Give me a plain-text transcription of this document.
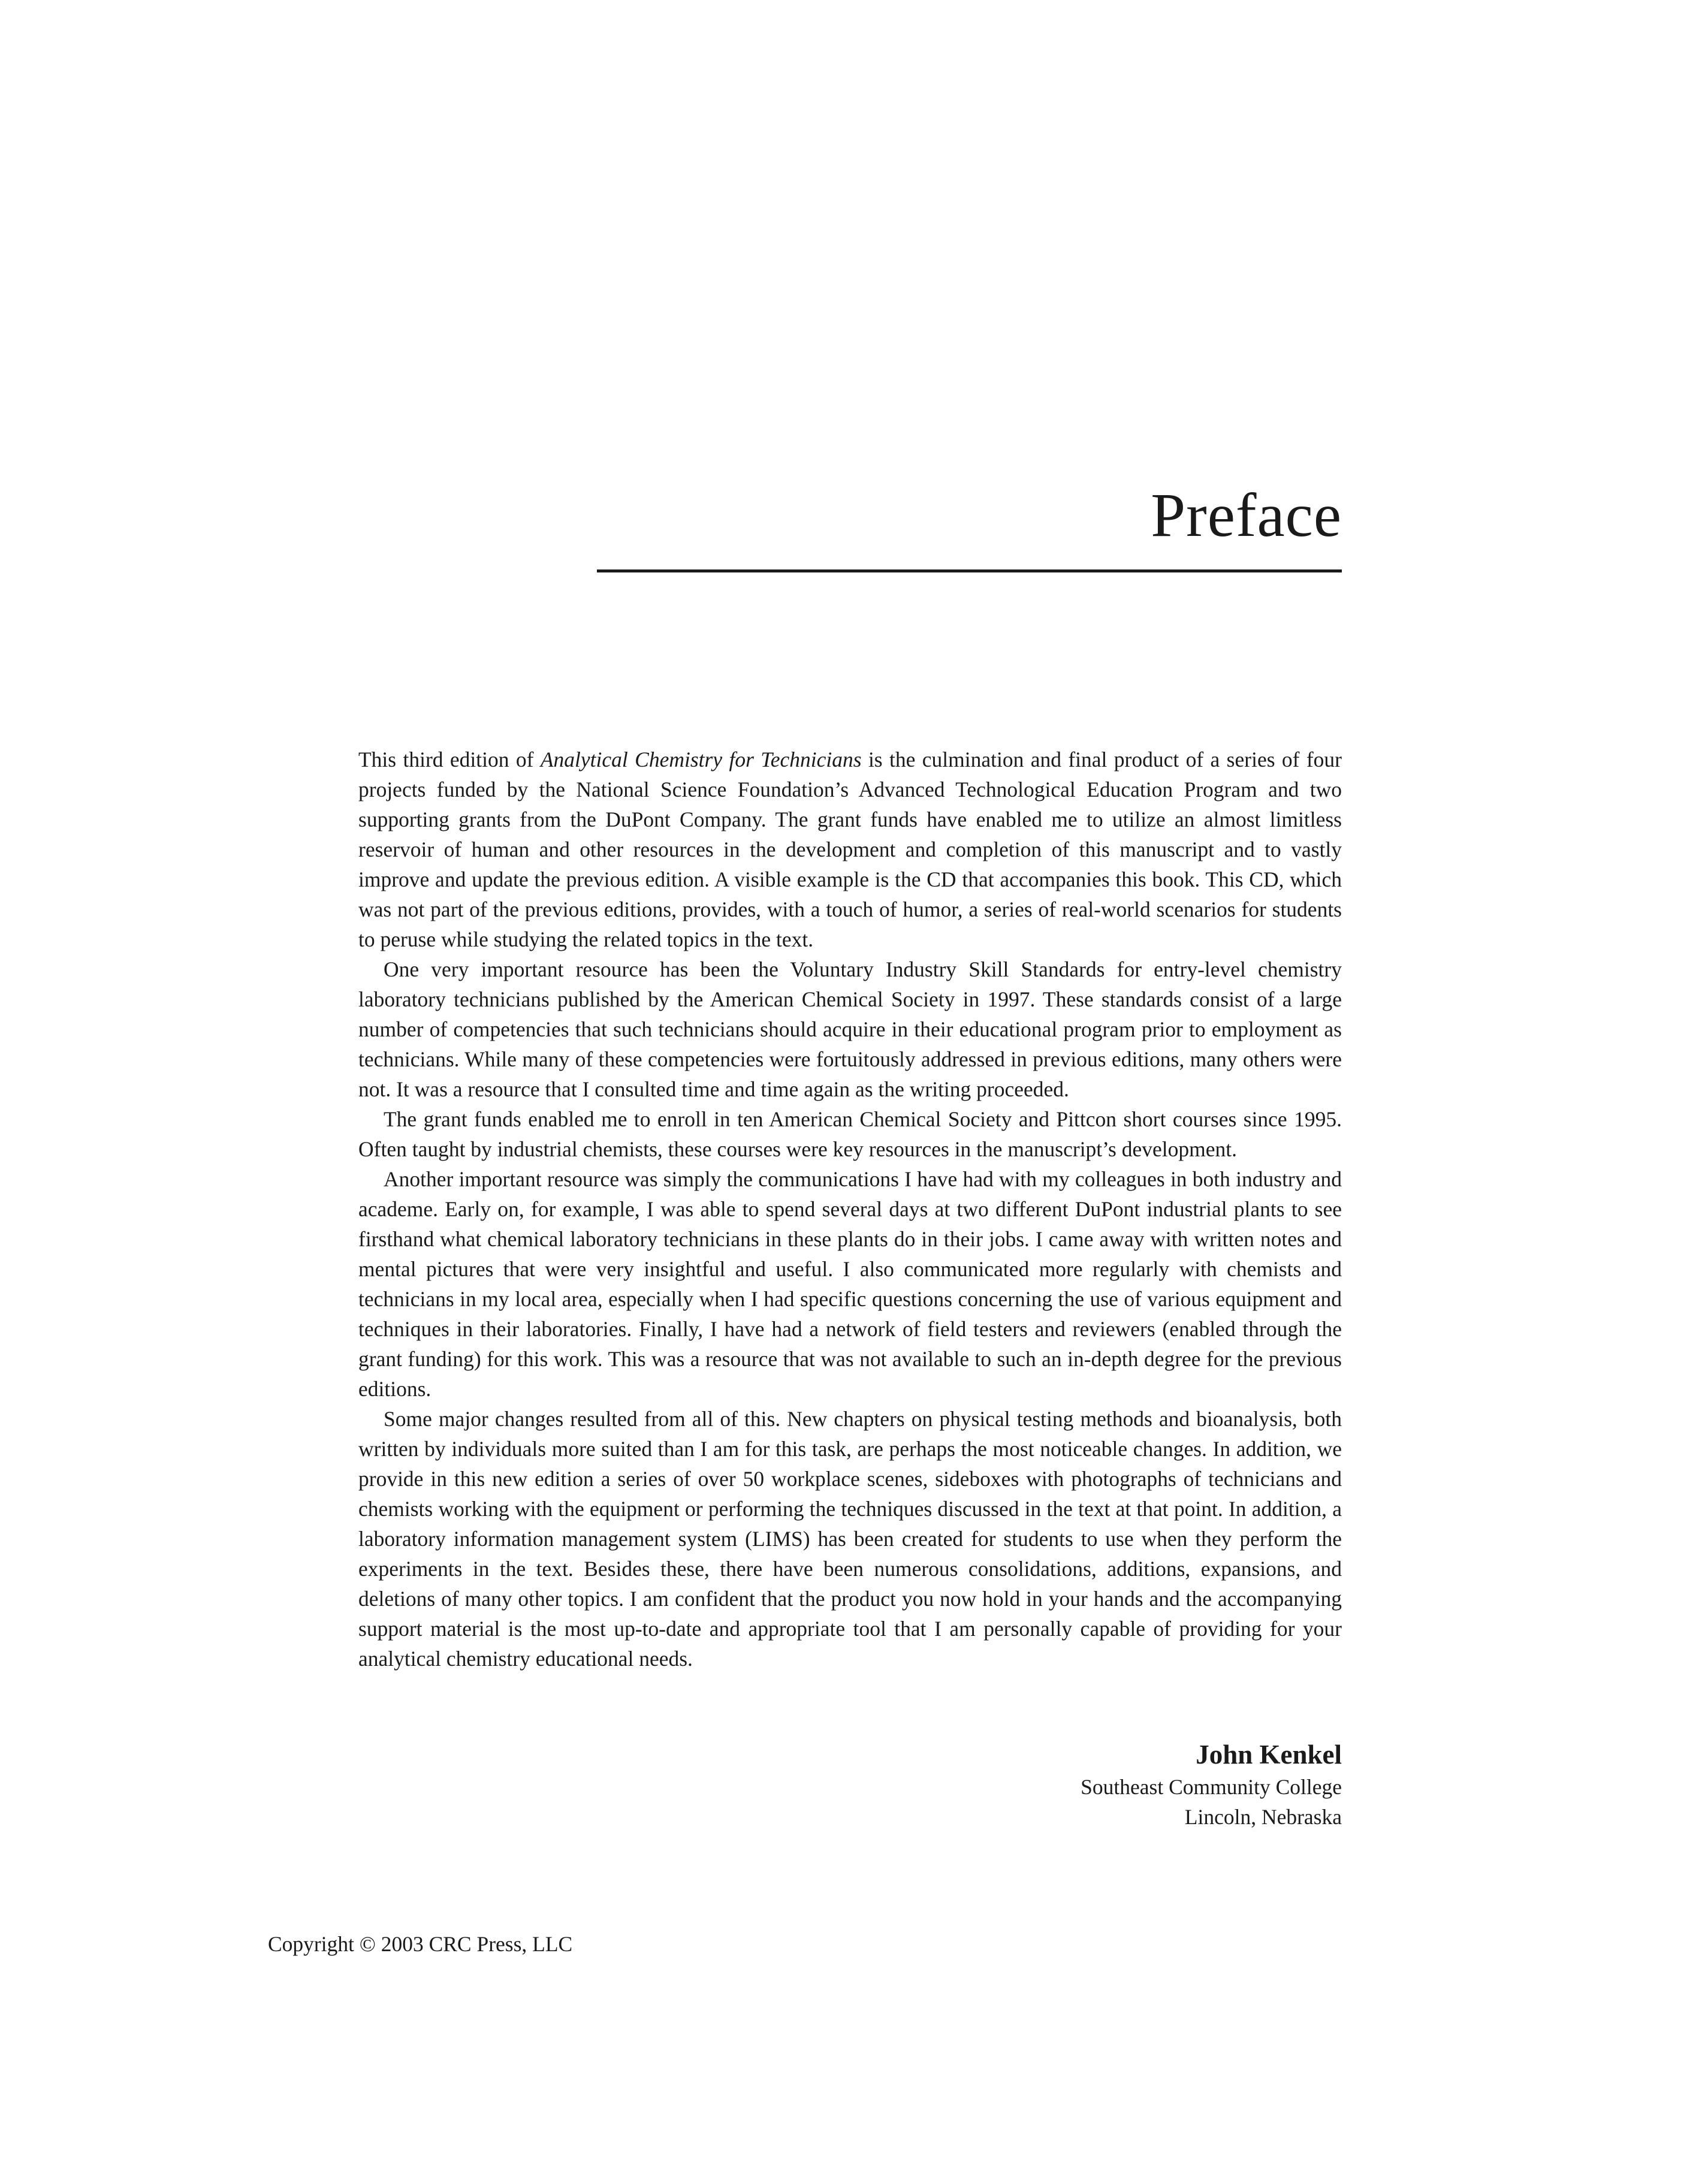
Preface

This third edition of Analytical Chemistry for Technicians is the culmination and final product of a series of four projects funded by the National Science Foundation’s Advanced Technological Education Program and two supporting grants from the DuPont Company. The grant funds have enabled me to utilize an almost limitless reservoir of human and other resources in the development and completion of this manuscript and to vastly improve and update the previous edition. A visible example is the CD that accompanies this book. This CD, which was not part of the previous editions, provides, with a touch of humor, a series of real-world scenarios for students to peruse while studying the related topics in the text.

One very important resource has been the Voluntary Industry Skill Standards for entry-level chemistry laboratory technicians published by the American Chemical Society in 1997. These standards consist of a large number of competencies that such technicians should acquire in their educational program prior to employment as technicians. While many of these competencies were fortuitously addressed in previous editions, many others were not. It was a resource that I consulted time and time again as the writing proceeded.

The grant funds enabled me to enroll in ten American Chemical Society and Pittcon short courses since 1995. Often taught by industrial chemists, these courses were key resources in the manuscript’s development.

Another important resource was simply the communications I have had with my colleagues in both industry and academe. Early on, for example, I was able to spend several days at two different DuPont industrial plants to see firsthand what chemical laboratory technicians in these plants do in their jobs. I came away with written notes and mental pictures that were very insightful and useful. I also communicated more regularly with chemists and technicians in my local area, especially when I had specific questions concerning the use of various equipment and techniques in their laboratories. Finally, I have had a network of field testers and reviewers (enabled through the grant funding) for this work. This was a resource that was not available to such an in-depth degree for the previous editions.

Some major changes resulted from all of this. New chapters on physical testing methods and bioanalysis, both written by individuals more suited than I am for this task, are perhaps the most noticeable changes. In addition, we provide in this new edition a series of over 50 workplace scenes, sideboxes with photographs of technicians and chemists working with the equipment or performing the techniques discussed in the text at that point. In addition, a laboratory information management system (LIMS) has been created for students to use when they perform the experiments in the text. Besides these, there have been numerous consolidations, additions, expansions, and deletions of many other topics. I am confident that the product you now hold in your hands and the accompanying support material is the most up-to-date and appropriate tool that I am personally capable of providing for your analytical chemistry educational needs.

John Kenkel
Southeast Community College
Lincoln, Nebraska
Copyright © 2003 CRC Press, LLC
